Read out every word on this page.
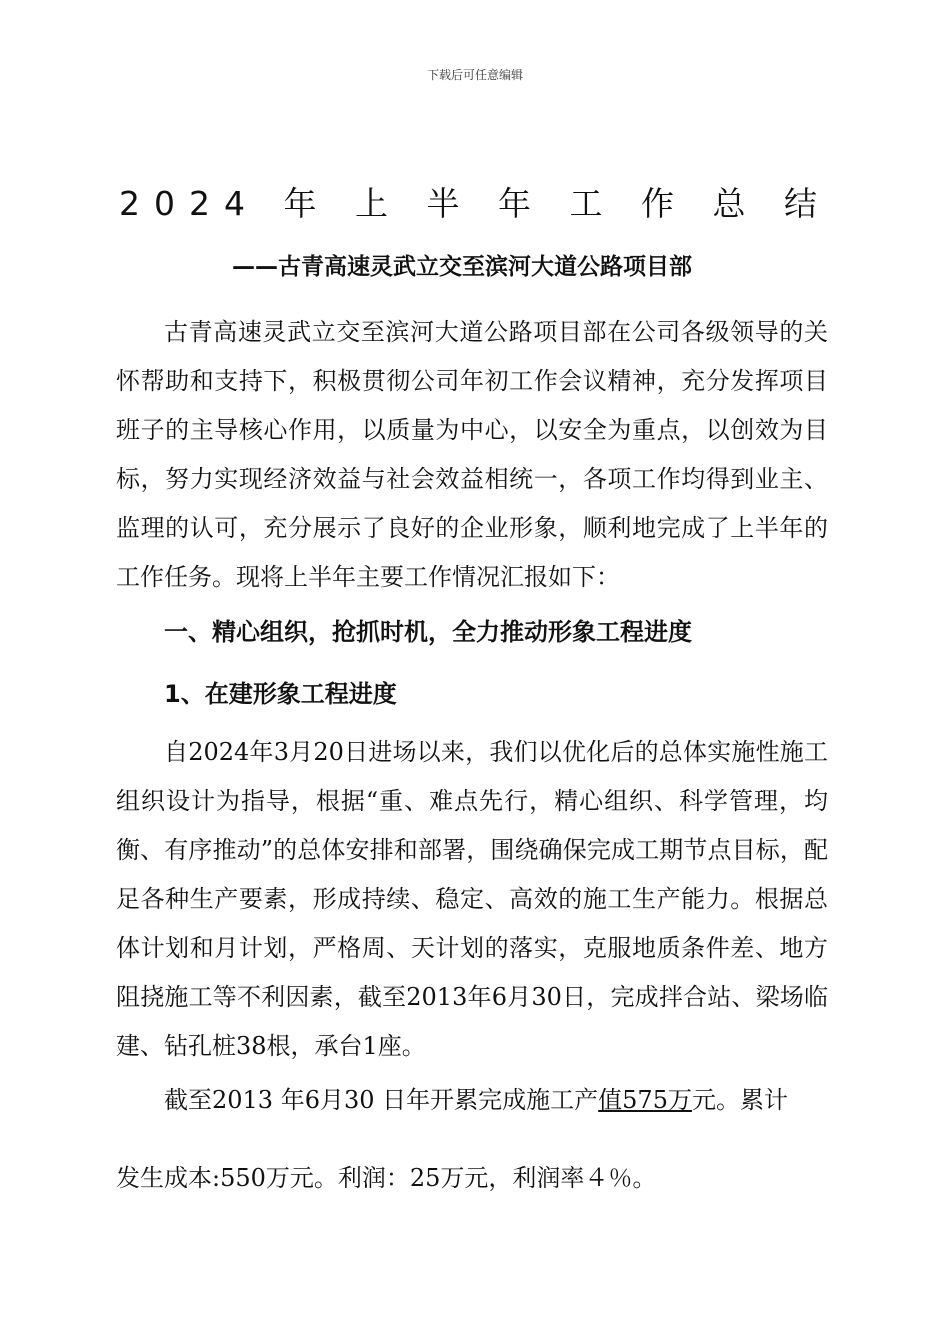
下载后可任意编辑
2024 年 上 半 年 工 作 总 结
——古青高速灵武立交至滨河大道公路项目部
古青高速灵武立交至滨河大道公路项目部在公司各级领导的关怀帮助和支持下，积极贯彻公司年初工作会议精神，充分发挥项目班子的主导核心作用，以质量为中心，以安全为重点，以创效为目标，努力实现经济效益与社会效益相统一，各项工作均得到业主、监理的认可，充分展示了良好的企业形象，顺利地完成了上半年的工作任务。现将上半年主要工作情况汇报如下：
一、精心组织，抢抓时机，全力推动形象工程进度
1、在建形象工程进度
自2024年3月20日进场以来，我们以优化后的总体实施性施工组织设计为指导，根据“重、难点先行，精心组织、科学管理，均衡、有序推动”的总体安排和部署，围绕确保完成工期节点目标，配足各种生产要素，形成持续、稳定、高效的施工生产能力。根据总体计划和月计划，严格周、天计划的落实，克服地质条件差、地方阻挠施工等不利因素，截至2013年6月30日，完成拌合站、梁场临建、钻孔桩38根，承台1座。
截至2013 年6月30 日年开累完成施工产值575万元。累计
发生成本:550万元。利润：25万元，利润率４％。
